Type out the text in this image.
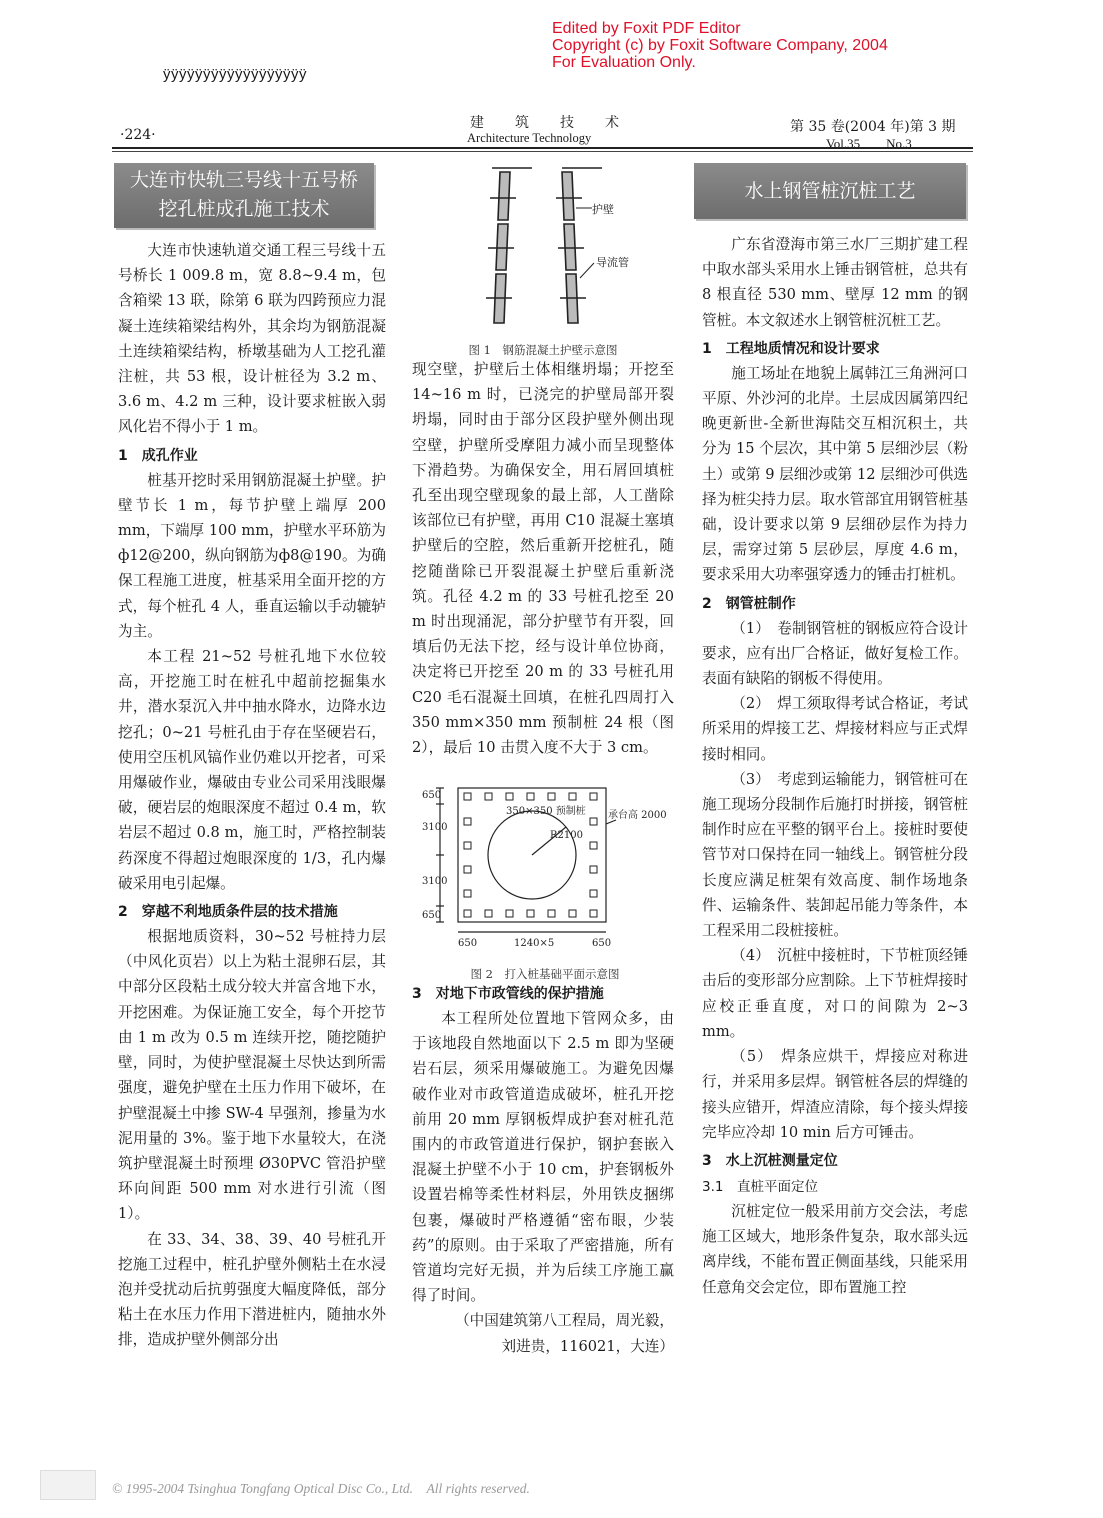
Edited by Foxit PDF Editor
Copyright (c) by Foxit Software Company, 2004
For Evaluation Only.
ÿÿÿÿÿÿÿÿÿÿÿÿÿÿÿÿÿÿ
·224·
建　　筑　　技　　术
Architecture Technology
第 35 卷(2004 年)第 3 期
Vol.35　　No.3
大连市快轨三号线十五号桥
挖孔桩成孔施工技术

大连市快速轨道交通工程三号线十五号桥长 1 009.8 m，宽 8.8~9.4 m，包含箱梁 13 联，除第 6 联为四跨预应力混凝土连续箱梁结构外，其余均为钢筋混凝土连续箱梁结构，桥墩基础为人工挖孔灌注桩，共 53 根，设计桩径为 3.2 m、3.6 m、4.2 m 三种，设计要求桩嵌入弱风化岩不得小于 1 m。

1　成孔作业

桩基开挖时采用钢筋混凝土护壁。护壁节长 1 m，每节护壁上端厚 200 mm，下端厚 100 mm，护壁水平环筋为ф12@200，纵向钢筋为ф8@190。为确保工程施工进度，桩基采用全面开挖的方式，每个桩孔 4 人，垂直运输以手动辘轳为主。

本工程 21~52 号桩孔地下水位较高，开挖施工时在桩孔中超前挖掘集水井，潜水泵沉入井中抽水降水，边降水边挖孔；0~21 号桩孔由于存在坚硬岩石，使用空压机风镐作业仍难以开挖者，可采用爆破作业，爆破由专业公司采用浅眼爆破，硬岩层的炮眼深度不超过 0.4 m，软岩层不超过 0.8 m，施工时，严格控制装药深度不得超过炮眼深度的 1/3，孔内爆破采用电引起爆。

2　穿越不利地质条件层的技术措施

根据地质资料，30~52 号桩持力层（中风化页岩）以上为粘土混卵石层，其中部分区段粘土成分较大并富含地下水，开挖困难。为保证施工安全，每个开挖节由 1 m 改为 0.5 m 连续开挖，随挖随护壁，同时，为使护壁混凝土尽快达到所需强度，避免护壁在土压力作用下破坏，在护壁混凝土中掺 SW-4 早强剂，掺量为水泥用量的 3%。鉴于地下水量较大，在浇筑护壁混凝土时预埋 Ø30PVC 管沿护壁环向间距 500 mm 对水进行引流（图 1）。

在 33、34、38、39、40 号桩孔开挖施工过程中，桩孔护壁外侧粘土在水浸泡并受扰动后抗剪强度大幅度降低，部分粘土在水压力作用下潜进桩内，随抽水外排，造成护壁外侧部分出

护壁
导流管
图 1　钢筋混凝土护壁示意图

现空壁，护壁后土体相继坍塌；开挖至 14~16 m 时，已浇完的护壁局部开裂坍塌，同时由于部分区段护壁外侧出现空壁，护壁所受摩阻力减小而呈现整体下滑趋势。为确保安全，用石屑回填桩孔至出现空壁现象的最上部，人工凿除该部位已有护壁，再用 C10 混凝土塞填护壁后的空腔，然后重新开挖桩孔，随挖随凿除已开裂混凝土护壁后重新浇筑。孔径 4.2 m 的 33 号桩孔挖至 20 m 时出现涌泥，部分护壁节有开裂，回填后仍无法下挖，经与设计单位协商，决定将已开挖至 20 m 的 33 号桩孔用 C20 毛石混凝土回填，在桩孔四周打入 350 mm×350 mm 预制桩 24 根（图 2），最后 10 击贯入度不大于 3 cm。

650
3100
3100
650
650	1240×5	650
350×350 预制桩
R2100
承台高 2000
图 2　打入桩基础平面示意图
3　对地下市政管线的保护措施

本工程所处位置地下管网众多，由于该地段自然地面以下 2.5 m 即为坚硬岩石层，须采用爆破施工。为避免因爆破作业对市政管道造成破坏，桩孔开挖前用 20 mm 厚钢板焊成护套对桩孔范围内的市政管道进行保护，钢护套嵌入混凝土护壁不小于 10 cm，护套钢板外设置岩棉等柔性材料层，外用铁皮捆绑包裹，爆破时严格遵循“密布眼，少装药”的原则。由于采取了严密措施，所有管道均完好无损，并为后续工序施工赢得了时间。

（中国建筑第八工程局，周光毅，
刘进贵，116021，大连）
水上钢管桩沉桩工艺

广东省澄海市第三水厂三期扩建工程中取水部头采用水上锤击钢管桩，总共有 8 根直径 530 mm、壁厚 12 mm 的钢管桩。本文叙述水上钢管桩沉桩工艺。

1　工程地质情况和设计要求

施工场址在地貌上属韩江三角洲河口平原、外沙河的北岸。土层成因属第四纪晚更新世-全新世海陆交互相沉积土，共分为 15 个层次，其中第 5 层细沙层（粉土）或第 9 层细沙或第 12 层细沙可供选择为桩尖持力层。取水管部宜用钢管桩基础，设计要求以第 9 层细砂层作为持力层，需穿过第 5 层砂层，厚度 4.6 m，要求采用大功率强穿透力的锤击打桩机。

2　钢管桩制作

（1）　卷制钢管桩的钢板应符合设计要求，应有出厂合格证，做好复检工作。表面有缺陷的钢板不得使用。

（2）　焊工须取得考试合格证，考试所采用的焊接工艺、焊接材料应与正式焊接时相同。

（3）　考虑到运输能力，钢管桩可在施工现场分段制作后施打时拼接，钢管桩制作时应在平整的钢平台上。接桩时要使管节对口保持在同一轴线上。钢管桩分段长度应满足桩架有效高度、制作场地条件、运输条件、装卸起吊能力等条件，本工程采用二段桩接桩。

（4）　沉桩中接桩时，下节桩顶经锤击后的变形部分应割除。上下节桩焊接时应校正垂直度，对口的间隙为 2~3 mm。

（5）　焊条应烘干，焊接应对称进行，并采用多层焊。钢管桩各层的焊缝的接头应错开，焊渣应清除，每个接头焊接完毕应冷却 10 min 后方可锤击。

3　水上沉桩测量定位
3.1　直桩平面定位

沉桩定位一般采用前方交会法，考虑施工区域大，地形条件复杂，取水部头远离岸线，不能布置正侧面基线，只能采用任意角交会定位，即布置施工控

© 1995-2004 Tsinghua Tongfang Optical Disc Co., Ltd.　All rights reserved.
